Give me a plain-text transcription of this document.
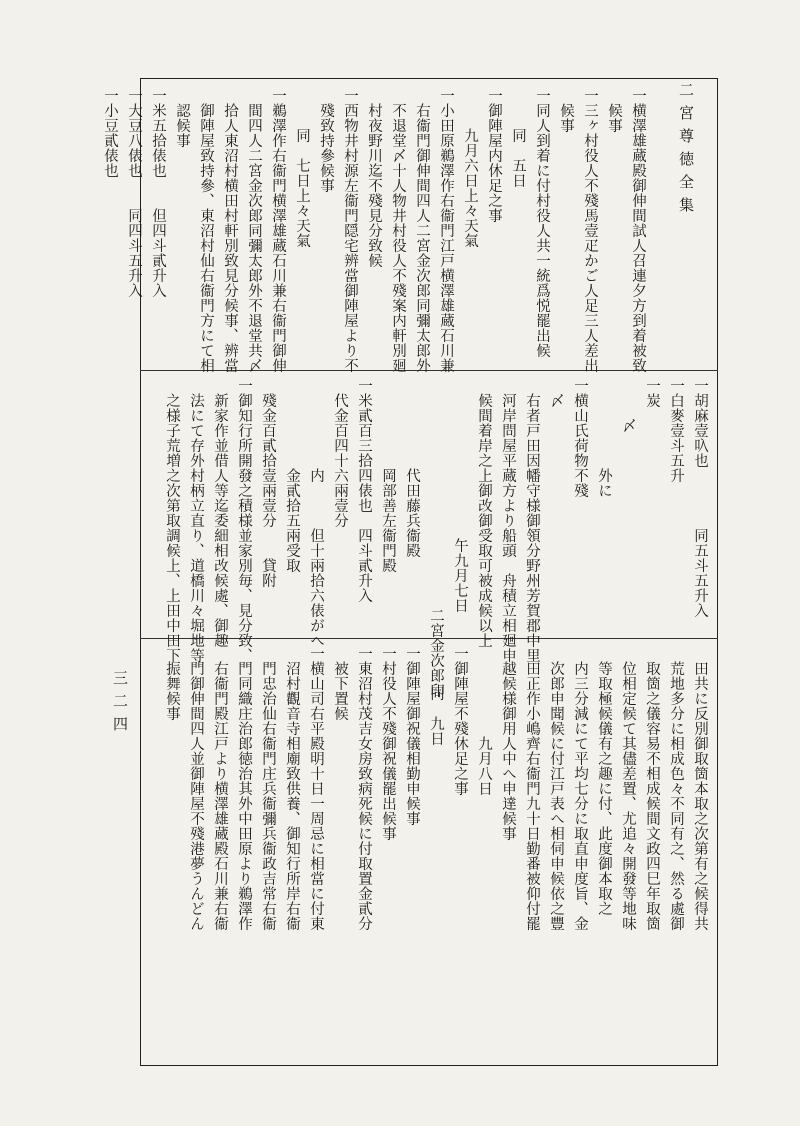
二宮尊徳全集
三二四
一横澤雄蔵殿御伸間試人召連夕方到着被致
候事
一三ヶ村役人不殘馬壹疋かご人足三人差出
候事
一同人到着に付村役人共一統爲悦罷出候
同　五日
一御陣屋内休足之事
九月六日上々天氣
一小田原鵜澤作右衞門江戸横澤雄蔵石川兼
右衞門御伸間四人二宮金次郎同彌太郎外
不退堂〆十人物井村役人不殘案内軒別廻
村夜野川迄不殘見分致候
一西物井村源左衞門隠宅辨當御陣屋より不
殘致持參候事
同　七日上々天氣
一鵜澤作右衞門横澤雄蔵石川兼右衞門御伸
間四人二宮金次郎同彌太郎外不退堂共〆
拾人東沼村横田村軒別致見分候事、辨當
御陣屋致持參、東沼村仙右衞門方にて相
認候事
一米五拾俵也　　但四斗貳升入
一大豆八俵也　　同四斗五升入
一小豆貳俵也
一胡麻壹叺也　　　　同五斗五升入
一白麥壹斗五升
一炭
〆
外に
一横山氏荷物不殘
〆
右者戸田因幡守様御領分野州芳賀郡中里
河岸問屋平蔵方より船頭　舟積立相廻申
候間着岸之上御改御受取可被成候以上
午九月七日
二宮金次郎印
代田藤兵衞殿
岡部善左衞門殿
一米貳百三拾四俵也　四斗貳升入
代金百四十六兩壹分
内　　　但十兩拾六俵がへ
金貳拾五兩受取
殘金百貳拾壹兩壹分　　貸附
一御知行所開發之積様並家別毎、見分致、
新家作並借人等迄委細相改候處、御趣
法にて存外村柄立直り、道橋川々堀地等
之様子荒増之次第取調候上、上田中田下
田共に反別御取箇本取之次第有之候得共
荒地多分に相成色々不同有之、然る處御
取箇之儀容易不相成候間文政四巳年取箇
位相定候て其儘差置、尤追々開發等地味
等取極候儀有之趣に付、此度御本取之
内三分減にて平均七分に取直申度旨、金
次郎申聞候に付江戸表へ相伺申候依之豐
田正作小嶋齊右衞門九十日勤番被仰付罷
越候様御用人中へ申達候事
九月八日
一御陣屋不殘休足之事
同　九日
一御陣屋御祝儀相勤申候事
一村役人不殘御祝儀罷出候事
一東沼村茂吉女房致病死候に付取置金貳分
被下置候
一横山司右平殿明十日一周忌に相當に付東
沼村觀音寺相廟致供養、御知行所岸右衞
門忠治仙右衞門庄兵衞彌兵衞政吉常右衞
門同織庄治郎徳治其外中田原より鵜澤作
右衞門殿江戸より横澤雄蔵殿石川兼右衞
門御伸間四人並御陣屋不殘港夢うんどん
振舞候事
